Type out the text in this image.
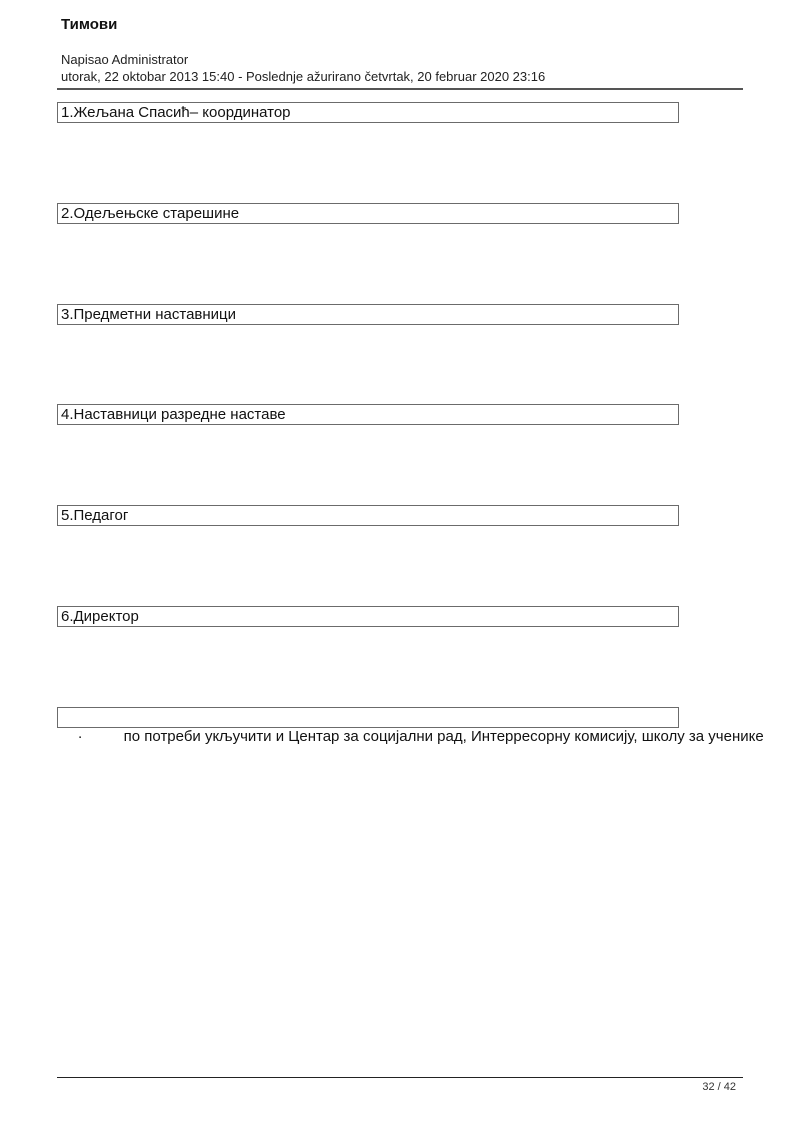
Тимови
Napisao Administrator
utorak, 22 oktobar 2013 15:40 - Poslednje ažurirano četvrtak, 20 februar 2020 23:16
1.Жељана Спасић– координатор
2.Одељењске старешине
3.Предметни наставници
4.Наставници разредне наставе
5.Педагог
6.Директор

·	по потреби укључити и Центар за социјални рад, Интерресорну комисију, школу за ученике

32 / 42
